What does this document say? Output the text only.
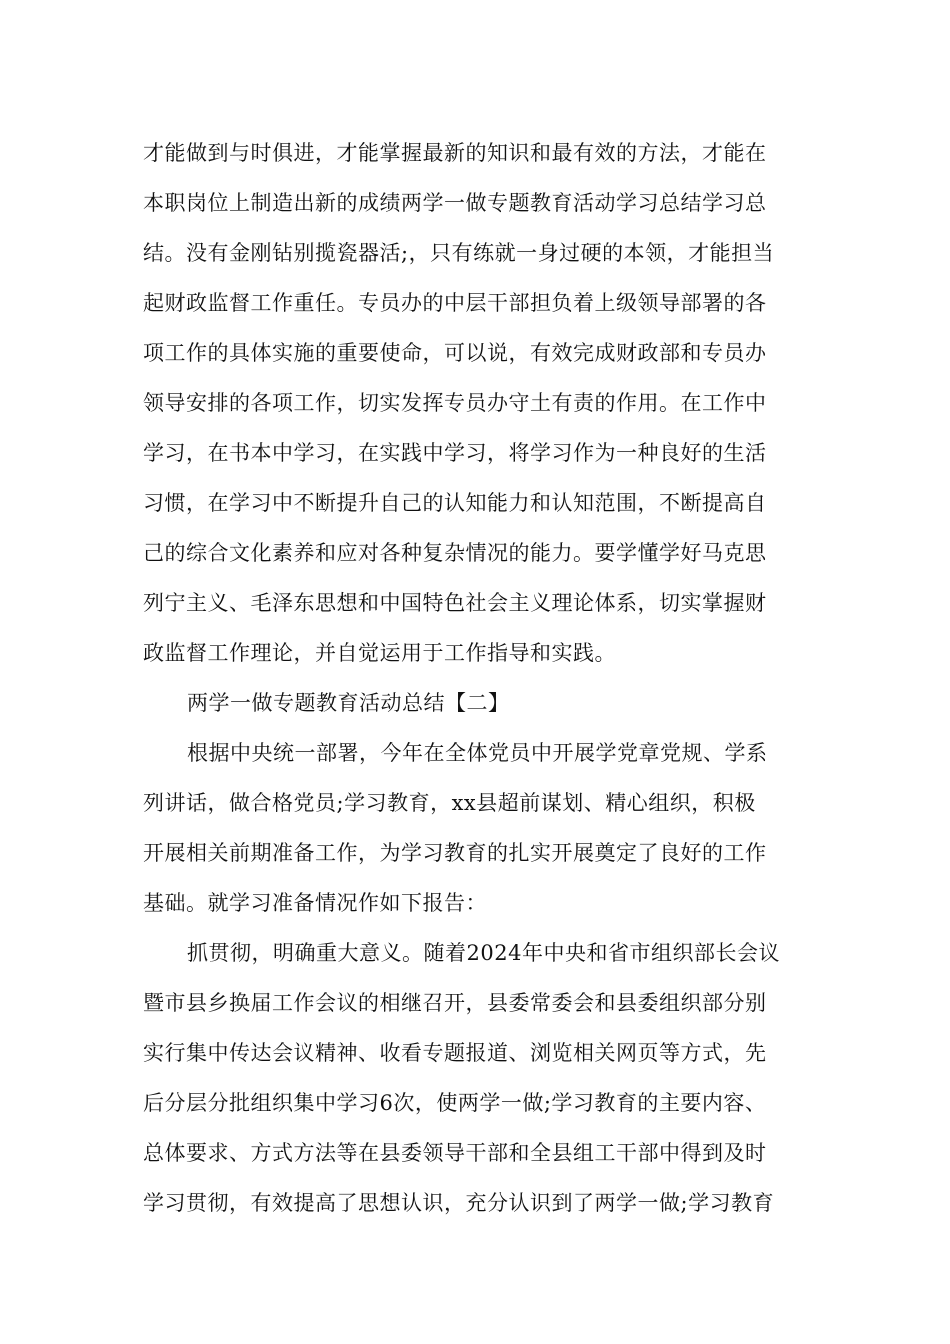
才能做到与时俱进，才能掌握最新的知识和最有效的方法，才能在
本职岗位上制造出新的成绩两学一做专题教育活动学习总结学习总
结。没有金刚钻别揽瓷器活;，只有练就一身过硬的本领，才能担当
起财政监督工作重任。专员办的中层干部担负着上级领导部署的各
项工作的具体实施的重要使命，可以说，有效完成财政部和专员办
领导安排的各项工作，切实发挥专员办守土有责的作用。在工作中
学习，在书本中学习，在实践中学习，将学习作为一种良好的生活
习惯，在学习中不断提升自己的认知能力和认知范围，不断提高自
己的综合文化素养和应对各种复杂情况的能力。要学懂学好马克思
列宁主义、毛泽东思想和中国特色社会主义理论体系，切实掌握财
政监督工作理论，并自觉运用于工作指导和实践。
两学一做专题教育活动总结【二】
根据中央统一部署，今年在全体党员中开展学党章党规、学系
列讲话，做合格党员;学习教育，xx县超前谋划、精心组织，积极
开展相关前期准备工作，为学习教育的扎实开展奠定了良好的工作
基础。就学习准备情况作如下报告：
抓贯彻，明确重大意义。随着2024年中央和省市组织部长会议
暨市县乡换届工作会议的相继召开，县委常委会和县委组织部分别
实行集中传达会议精神、收看专题报道、浏览相关网页等方式，先
后分层分批组织集中学习6次，使两学一做;学习教育的主要内容、
总体要求、方式方法等在县委领导干部和全县组工干部中得到及时
学习贯彻，有效提高了思想认识，充分认识到了两学一做;学习教育
